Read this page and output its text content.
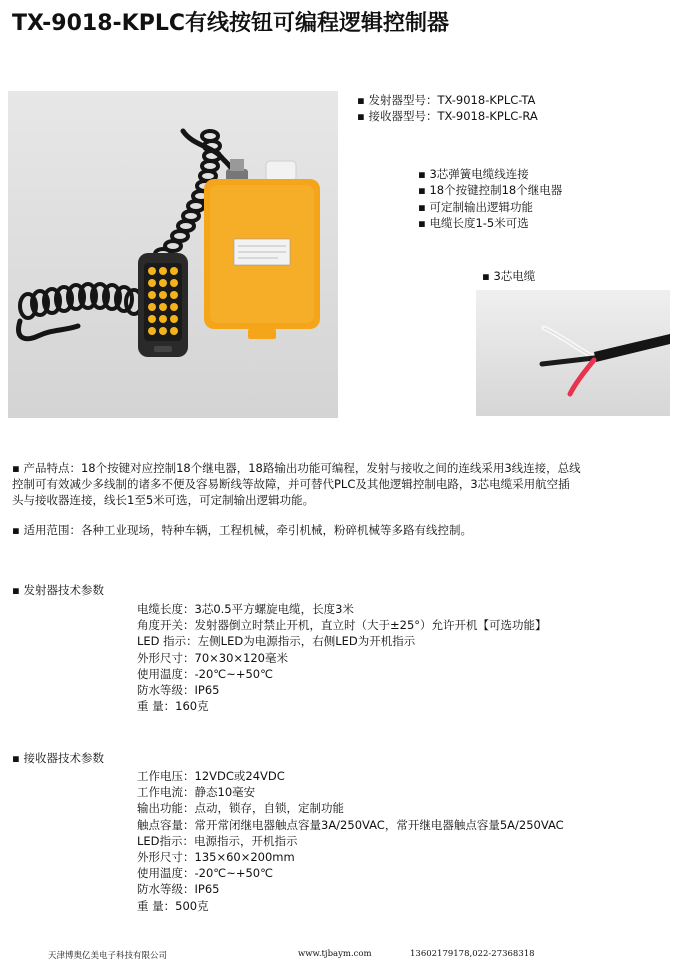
TX-9018-KPLC有线按钮可编程逻辑控制器
▪ 发射器型号：TX-9018-KPLC-TA
▪ 接收器型号：TX-9018-KPLC-RA
▪ 3芯弹簧电缆线连接
▪ 18个按键控制18个继电器
▪ 可定制输出逻辑功能
▪ 电缆长度1-5米可选
▪ 3芯电缆
▪ 产品特点：18个按键对应控制18个继电器，18路输出功能可编程，发射与接收之间的连线采用3线连接，总线
控制可有效减少多线制的诸多不便及容易断线等故障，并可替代PLC及其他逻辑控制电路，3芯电缆采用航空插
头与接收器连接，线长1至5米可选，可定制输出逻辑功能。
▪ 适用范围：各种工业现场，特种车辆，工程机械，牵引机械，粉碎机械等多路有线控制。
▪ 发射器技术参数
电缆长度：3芯0.5平方螺旋电缆，长度3米
角度开关：发射器倒立时禁止开机，直立时（大于±25°）允许开机【可选功能】
LED 指示：左侧LED为电源指示，右侧LED为开机指示
外形尺寸：70×30×120毫米
使用温度：-20℃~+50℃
防水等级：IP65
重 量：160克
▪ 接收器技术参数
工作电压：12VDC或24VDC
工作电流：静态10毫安
输出功能：点动，锁存，自锁，定制功能
触点容量：常开常闭继电器触点容量3A/250VAC，常开继电器触点容量5A/250VAC
LED指示：电源指示，开机指示
外形尺寸：135×60×200mm
使用温度：-20℃~+50℃
防水等级：IP65
重 量：500克
天津博奥亿美电子科技有限公司	www.tjbaym.com	13602179178,022-27368318
